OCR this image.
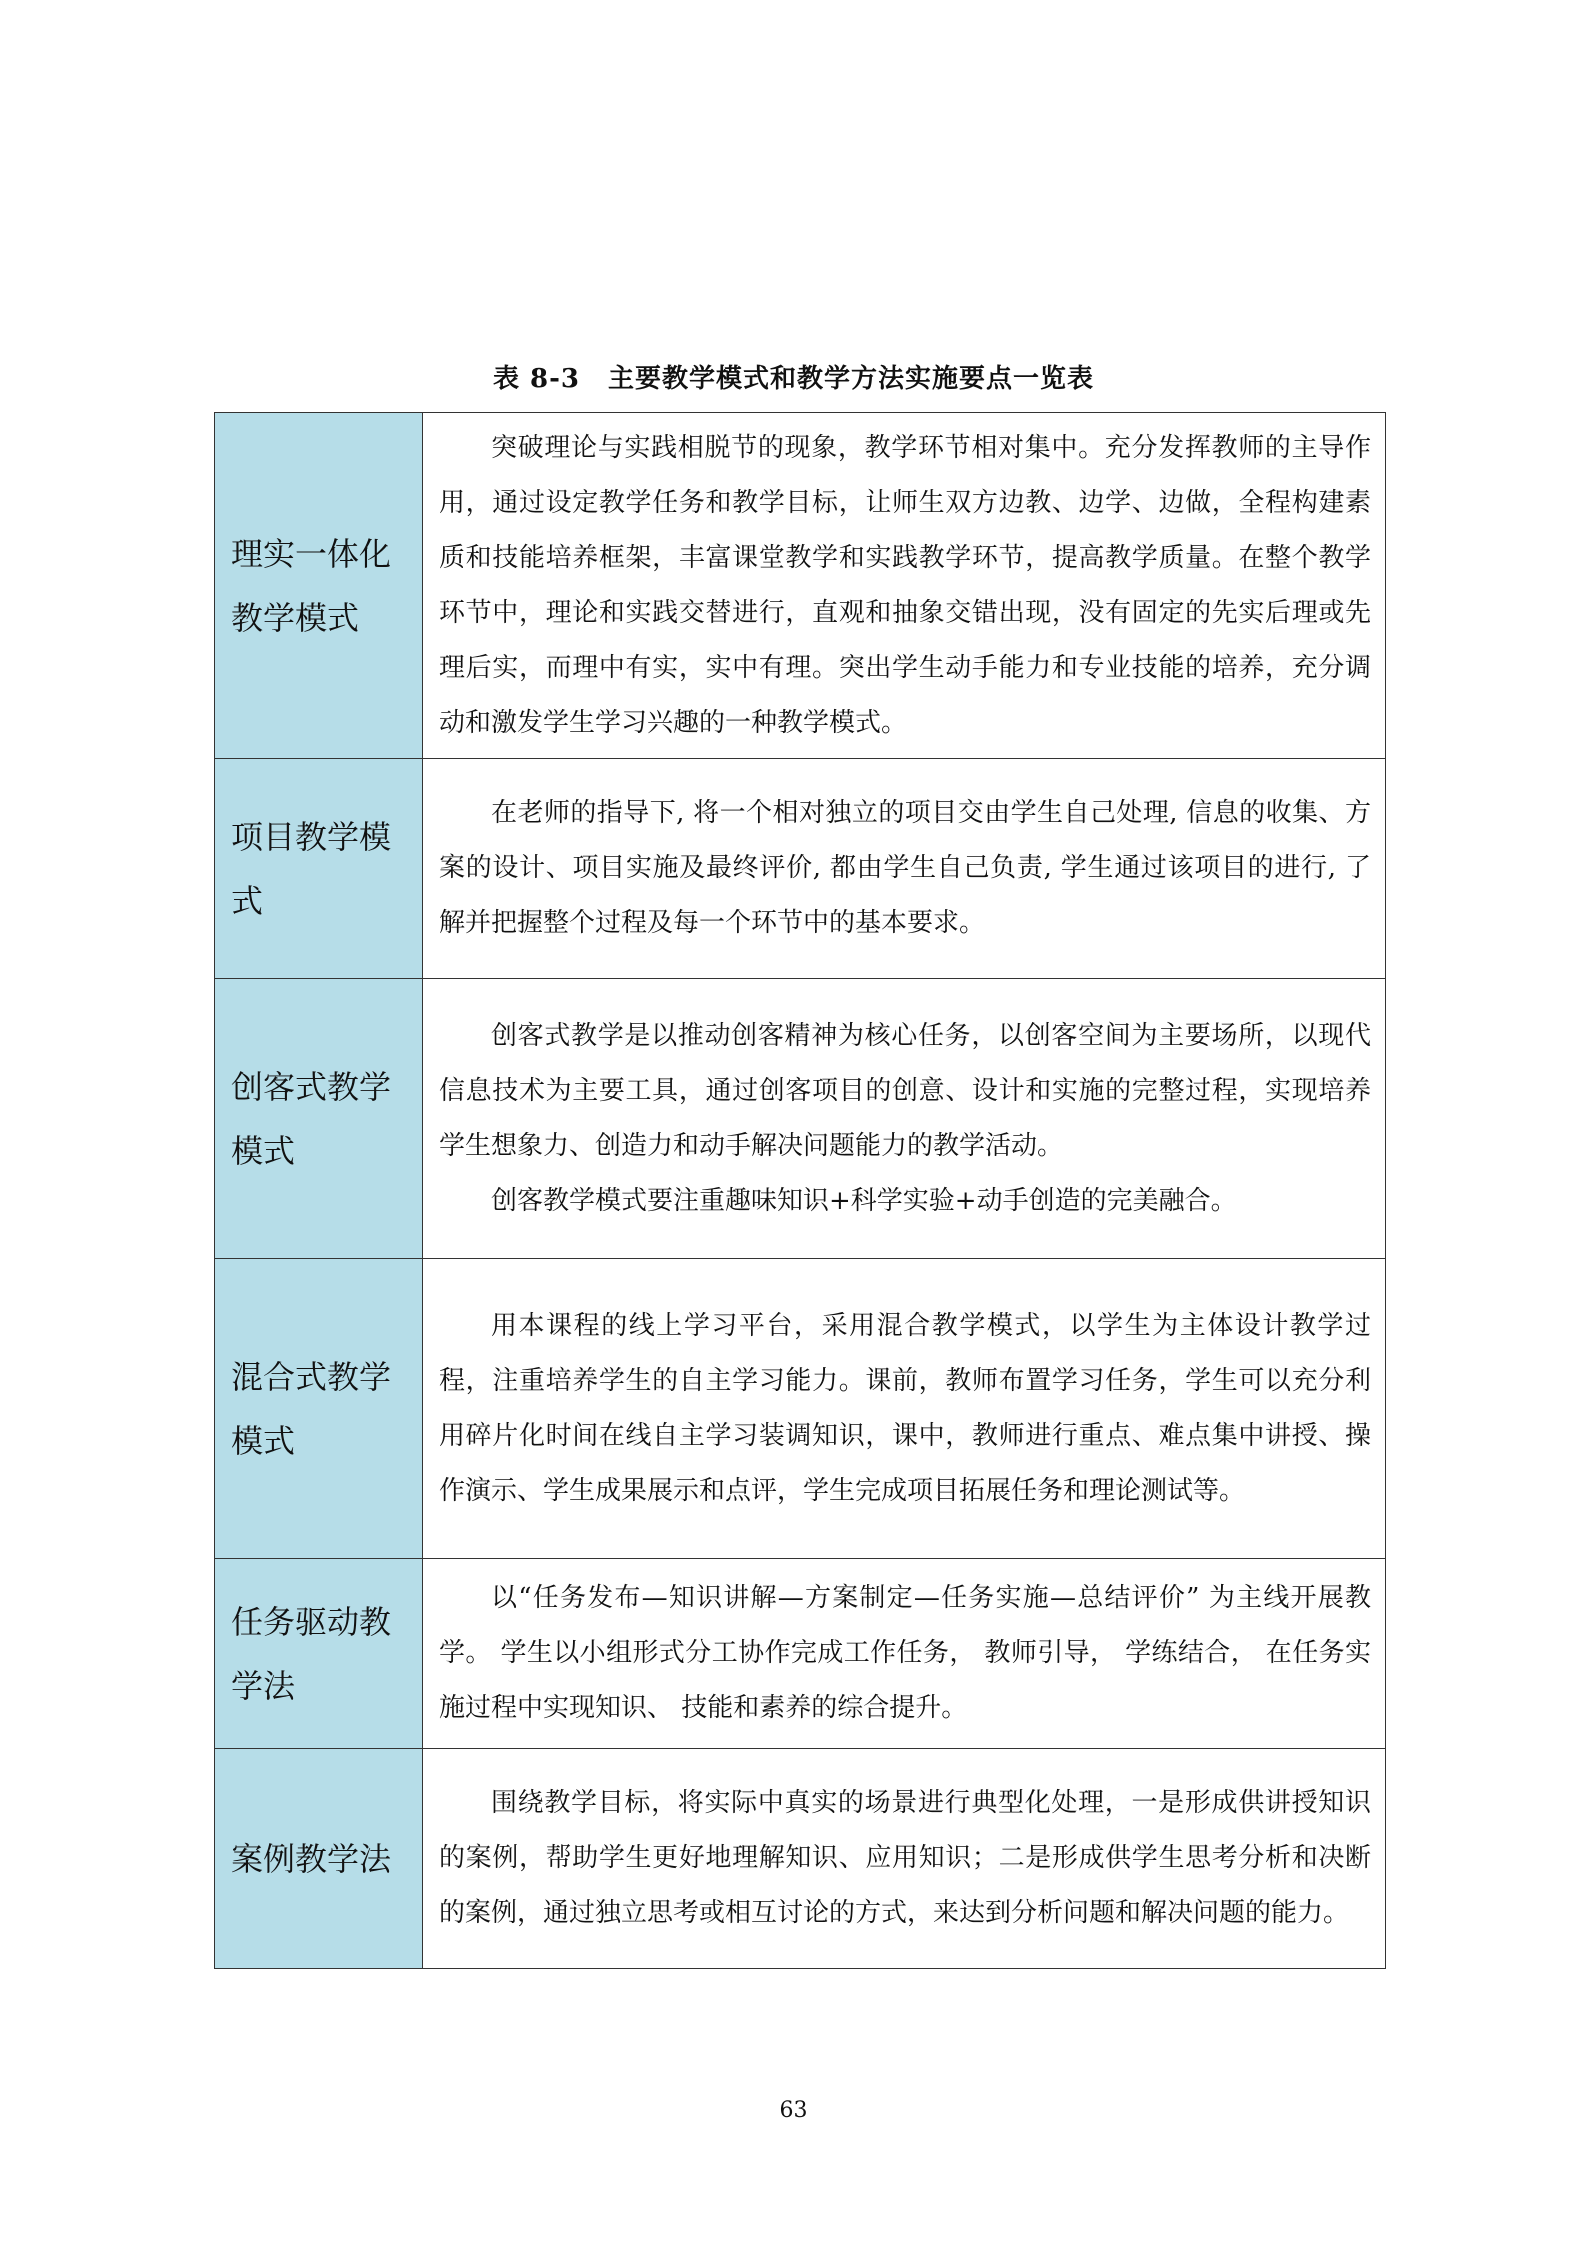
表 8-3 主要教学模式和教学方法实施要点一览表
理实一体化教学模式	突破理论与实践相脱节的现象，教学环节相对集中。充分发挥教师的主导作用，通过设定教学任务和教学目标，让师生双方边教、边学、边做，全程构建素质和技能培养框架，丰富课堂教学和实践教学环节，提高教学质量。在整个教学环节中，理论和实践交替进行，直观和抽象交错出现，没有固定的先实后理或先理后实，而理中有实，实中有理。突出学生动手能力和专业技能的培养，充分调动和激发学生学习兴趣的一种教学模式。

项目教学模式	在老师的指导下, 将一个相对独立的项目交由学生自己处理, 信息的收集、方案的设计、项目实施及最终评价, 都由学生自己负责, 学生通过该项目的进行, 了解并把握整个过程及每一个环节中的基本要求。

创客式教学模式	创客式教学是以推动创客精神为核心任务，以创客空间为主要场所，以现代信息技术为主要工具，通过创客项目的创意、设计和实施的完整过程，实现培养学生想象力、创造力和动手解决问题能力的教学活动。

创客教学模式要注重趣味知识+科学实验+动手创造的完美融合。

混合式教学模式	用本课程的线上学习平台，采用混合教学模式，以学生为主体设计教学过程，注重培养学生的自主学习能力。课前，教师布置学习任务，学生可以充分利用碎片化时间在线自主学习装调知识，课中，教师进行重点、难点集中讲授、操作演示、学生成果展示和点评，学生完成项目拓展任务和理论测试等。

任务驱动教学法	以“任务发布—知识讲解—方案制定—任务实施—总结评价” 为主线开展教学。 学生以小组形式分工协作完成工作任务， 教师引导， 学练结合， 在任务实施过程中实现知识、 技能和素养的综合提升。

案例教学法	围绕教学目标，将实际中真实的场景进行典型化处理，一是形成供讲授知识的案例，帮助学生更好地理解知识、应用知识；二是形成供学生思考分析和决断的案例，通过独立思考或相互讨论的方式，来达到分析问题和解决问题的能力。

63
